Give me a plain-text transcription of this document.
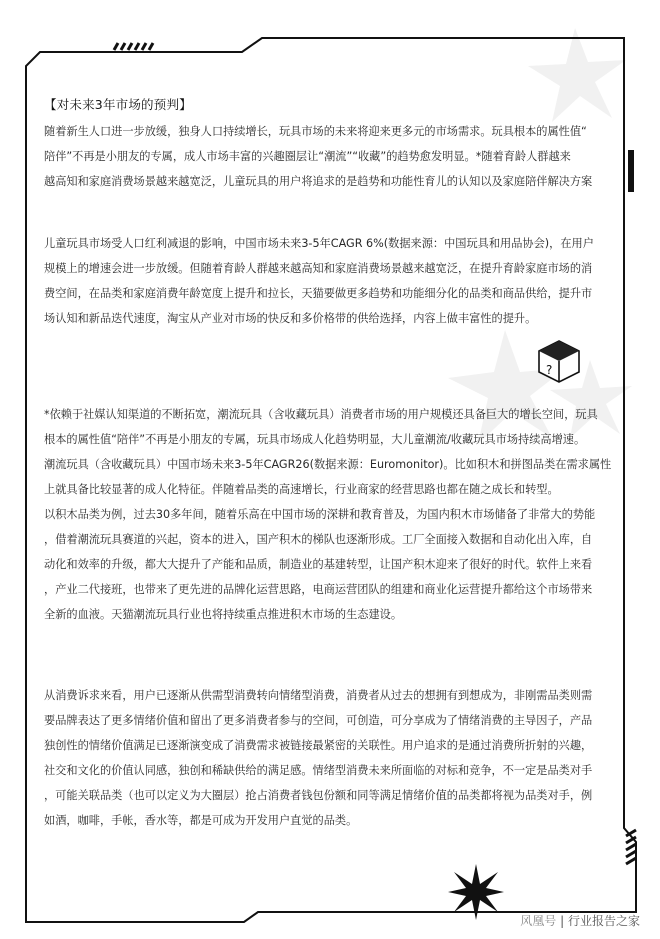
?
【对未来3年市场的预判】
随着新生人口进一步放缓，独身人口持续增长，玩具市场的未来将迎来更多元的市场需求。玩具根本的属性值“
陪伴”不再是小朋友的专属，成人市场丰富的兴趣圈层让“潮流”“收藏”的趋势愈发明显。*随着育龄人群越来
越高知和家庭消费场景越来越宽泛，儿童玩具的用户将追求的是趋势和功能性育儿的认知以及家庭陪伴解决方案
儿童玩具市场受人口红利减退的影响，中国市场未来3-5年CAGR 6%(数据来源：中国玩具和用品协会)，在用户
规模上的增速会进一步放缓。但随着育龄人群越来越高知和家庭消费场景越来越宽泛，在提升育龄家庭市场的消
费空间，在品类和家庭消费年龄宽度上提升和拉长，天猫要做更多趋势和功能细分化的品类和商品供给，提升市
场认知和新品迭代速度，淘宝从产业对市场的快反和多价格带的供给选择，内容上做丰富性的提升。
*依赖于社媒认知渠道的不断拓宽，潮流玩具（含收藏玩具）消费者市场的用户规模还具备巨大的增长空间，玩具
根本的属性值“陪伴”不再是小朋友的专属，玩具市场成人化趋势明显，大儿童潮流/收藏玩具市场持续高增速。
潮流玩具（含收藏玩具）中国市场未来3-5年CAGR26(数据来源：Euromonitor)。比如积木和拼图品类在需求属性
上就具备比较显著的成人化特征。伴随着品类的高速增长，行业商家的经营思路也都在随之成长和转型。
以积木品类为例，过去30多年间，随着乐高在中国市场的深耕和教育普及，为国内积木市场储备了非常大的势能
，借着潮流玩具赛道的兴起，资本的进入，国产积木的梯队也逐渐形成。工厂全面接入数据和自动化出入库，自
动化和效率的升级，都大大提升了产能和品质，制造业的基建转型，让国产积木迎来了很好的时代。软件上来看
，产业二代接班，也带来了更先进的品牌化运营思路，电商运营团队的组建和商业化运营提升都给这个市场带来
全新的血液。天猫潮流玩具行业也将持续重点推进积木市场的生态建设。
从消费诉求来看，用户已逐渐从供需型消费转向情绪型消费，消费者从过去的想拥有到想成为，非刚需品类则需
要品牌表达了更多情绪价值和留出了更多消费者参与的空间，可创造，可分享成为了情绪消费的主导因子，产品
独创性的情绪价值满足已逐渐演变成了消费需求被链接最紧密的关联性。用户追求的是通过消费所折射的兴趣，
社交和文化的价值认同感，独创和稀缺供给的满足感。情绪型消费未来所面临的对标和竞争，不一定是品类对手
，可能关联品类（也可以定义为大圈层）抢占消费者钱包份额和同等满足情绪价值的品类都将视为品类对手，例
如酒，咖啡，手帐，香水等，都是可成为开发用户直觉的品类。
风凰号 | 行业报告之家
